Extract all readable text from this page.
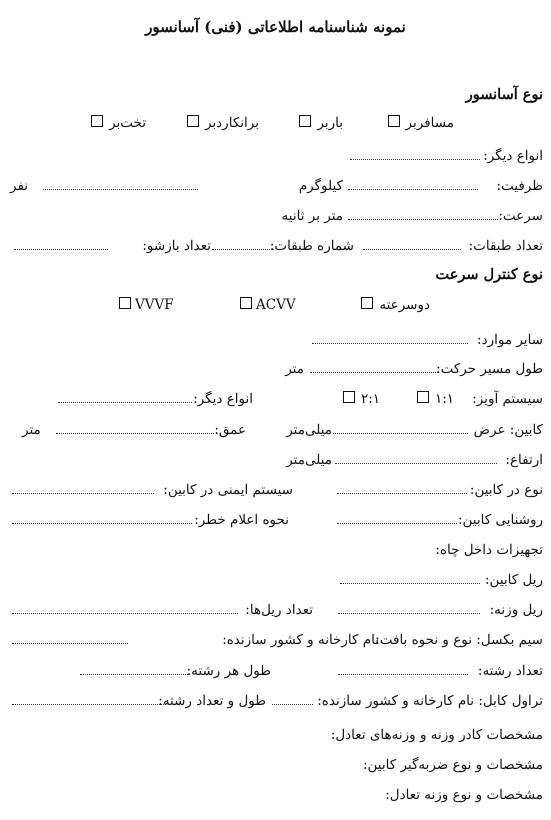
نمونه شناسنامه اطلاعاتی (فنی) آسانسور
نوع آسانسور
مسافربر
باربر
برانکاردبر
تخت‌بر
انواع دیگر:
ظرفیت:
کیلوگرم
نفر
سرعت:
متر بر ثانیه
تعداد طبقات:
شماره طبقات:
تعداد بازشو:
نوع کنترل سرعت
دوسرعته
ACVV
VVVF
سایر موارد:
طول مسیر حرکت:
متر
سیستم آویز:
۱:۱
۲:۱
انواع دیگر:
کابین: عرض
میلی‌متر
عمق:
متر
ارتفاع:
میلی‌متر
نوع در کابین:
سیستم ایمنی در کابین:
روشنایی کابین:
نحوه اعلام خطر:
تجهیزات داخل چاه:
ریل کابین:
ریل وزنه:
تعداد ریل‌ها:
سیم بکسل: نوع و نحوه بافت:
نام کارخانه و کشور سازنده:
تعداد رشته:
طول هر رشته:
تراول کابل: نام کارخانه و کشور سازنده:
طول و تعداد رشته:
مشخصات کادر وزنه و وزنه‌های تعادل:
مشخصات و نوع ضربه‌گیر کابین:
مشخصات و نوع وزنه تعادل:
